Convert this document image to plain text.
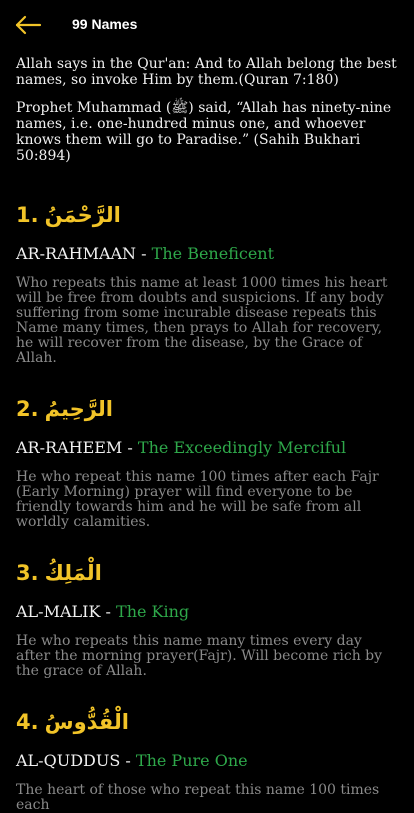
99 Names

Allah says in the Qur'an: And to Allah belong the best names, so invoke Him by them.(Quran 7:180)

Prophet Muhammad (ﷺ) said, “Allah has ninety-nine names, i.e. one-hundred minus one, and whoever knows them will go to Paradise.” (Sahih Bukhari 50:894)

1. الرَّحْمَنُ
AR-RAHMAAN - The Beneficent
Who repeats this name at least 1000 times his heart will be free from doubts and suspicions. If any body suffering from some incurable disease repeats this Name many times, then prays to Allah for recovery, he will recover from the disease, by the Grace of Allah.
2. الرَّحِيمُ
AR-RAHEEM - The Exceedingly Merciful
He who repeat this name 100 times after each Fajr (Early Morning) prayer will find everyone to be friendly towards him and he will be safe from all worldly calamities.
3. الْمَلِكُ
AL-MALIK - The King
He who repeats this name many times every day after the morning prayer(Fajr). Will become rich by the grace of Allah.
4. الْقُدُّوسُ
AL-QUDDUS - The Pure One
The heart of those who repeat this name 100 times each
